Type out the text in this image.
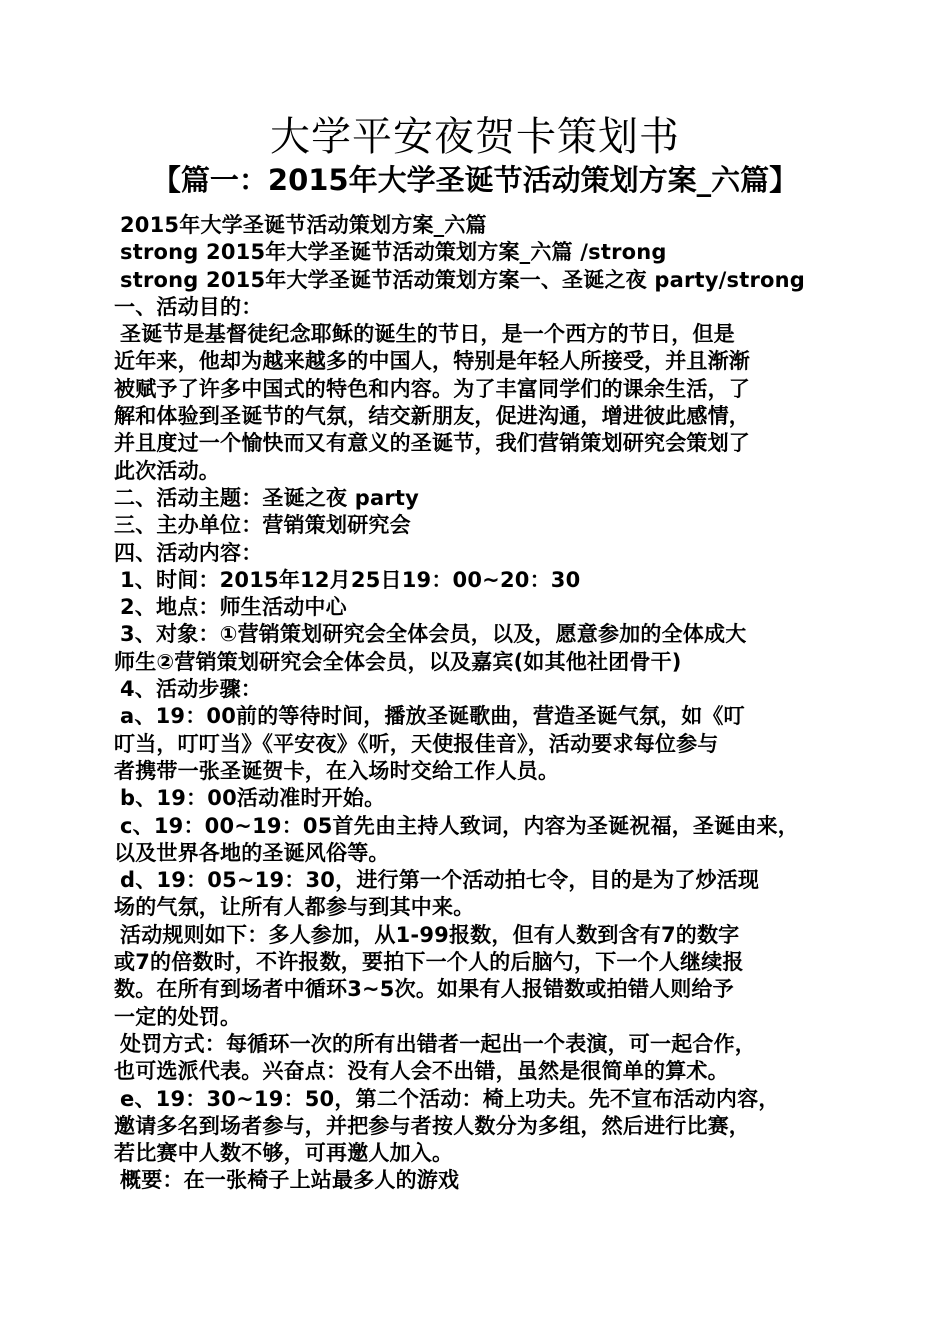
大学平安夜贺卡策划书
【篇一：2015年大学圣诞节活动策划方案_六篇】
2015年大学圣诞节活动策划方案_六篇
strong 2015年大学圣诞节活动策划方案_六篇 /strong
strong 2015年大学圣诞节活动策划方案一、圣诞之夜 party/strong
一、活动目的：
圣诞节是基督徒纪念耶稣的诞生的节日，是一个西方的节日，但是
近年来，他却为越来越多的中国人，特别是年轻人所接受，并且渐渐
被赋予了许多中国式的特色和内容。为了丰富同学们的课余生活，了
解和体验到圣诞节的气氛，结交新朋友，促进沟通，增进彼此感情，
并且度过一个愉快而又有意义的圣诞节，我们营销策划研究会策划了
此次活动。
二、活动主题：圣诞之夜 party
三、主办单位：营销策划研究会
四、活动内容：
1、时间：2015年12月25日19：00~20：30
2、地点：师生活动中心
3、对象：①营销策划研究会全体会员，以及，愿意参加的全体成大
师生②营销策划研究会全体会员，以及嘉宾(如其他社团骨干)
4、活动步骤：
a、19：00前的等待时间，播放圣诞歌曲，营造圣诞气氛，如《叮
叮当，叮叮当》《平安夜》《听，天使报佳音》，活动要求每位参与
者携带一张圣诞贺卡，在入场时交给工作人员。
b、19：00活动准时开始。
c、19：00~19：05首先由主持人致词，内容为圣诞祝福，圣诞由来，
以及世界各地的圣诞风俗等。
d、19：05~19：30，进行第一个活动拍七令，目的是为了炒活现
场的气氛，让所有人都参与到其中来。
活动规则如下：多人参加，从1-99报数，但有人数到含有7的数字
或7的倍数时，不许报数，要拍下一个人的后脑勺，下一个人继续报
数。在所有到场者中循环3~5次。如果有人报错数或拍错人则给予
一定的处罚。
处罚方式：每循环一次的所有出错者一起出一个表演，可一起合作，
也可选派代表。兴奋点：没有人会不出错，虽然是很简单的算术。
e、19：30~19：50，第二个活动：椅上功夫。先不宣布活动内容，
邀请多名到场者参与，并把参与者按人数分为多组，然后进行比赛，
若比赛中人数不够，可再邀人加入。
概要：在一张椅子上站最多人的游戏
